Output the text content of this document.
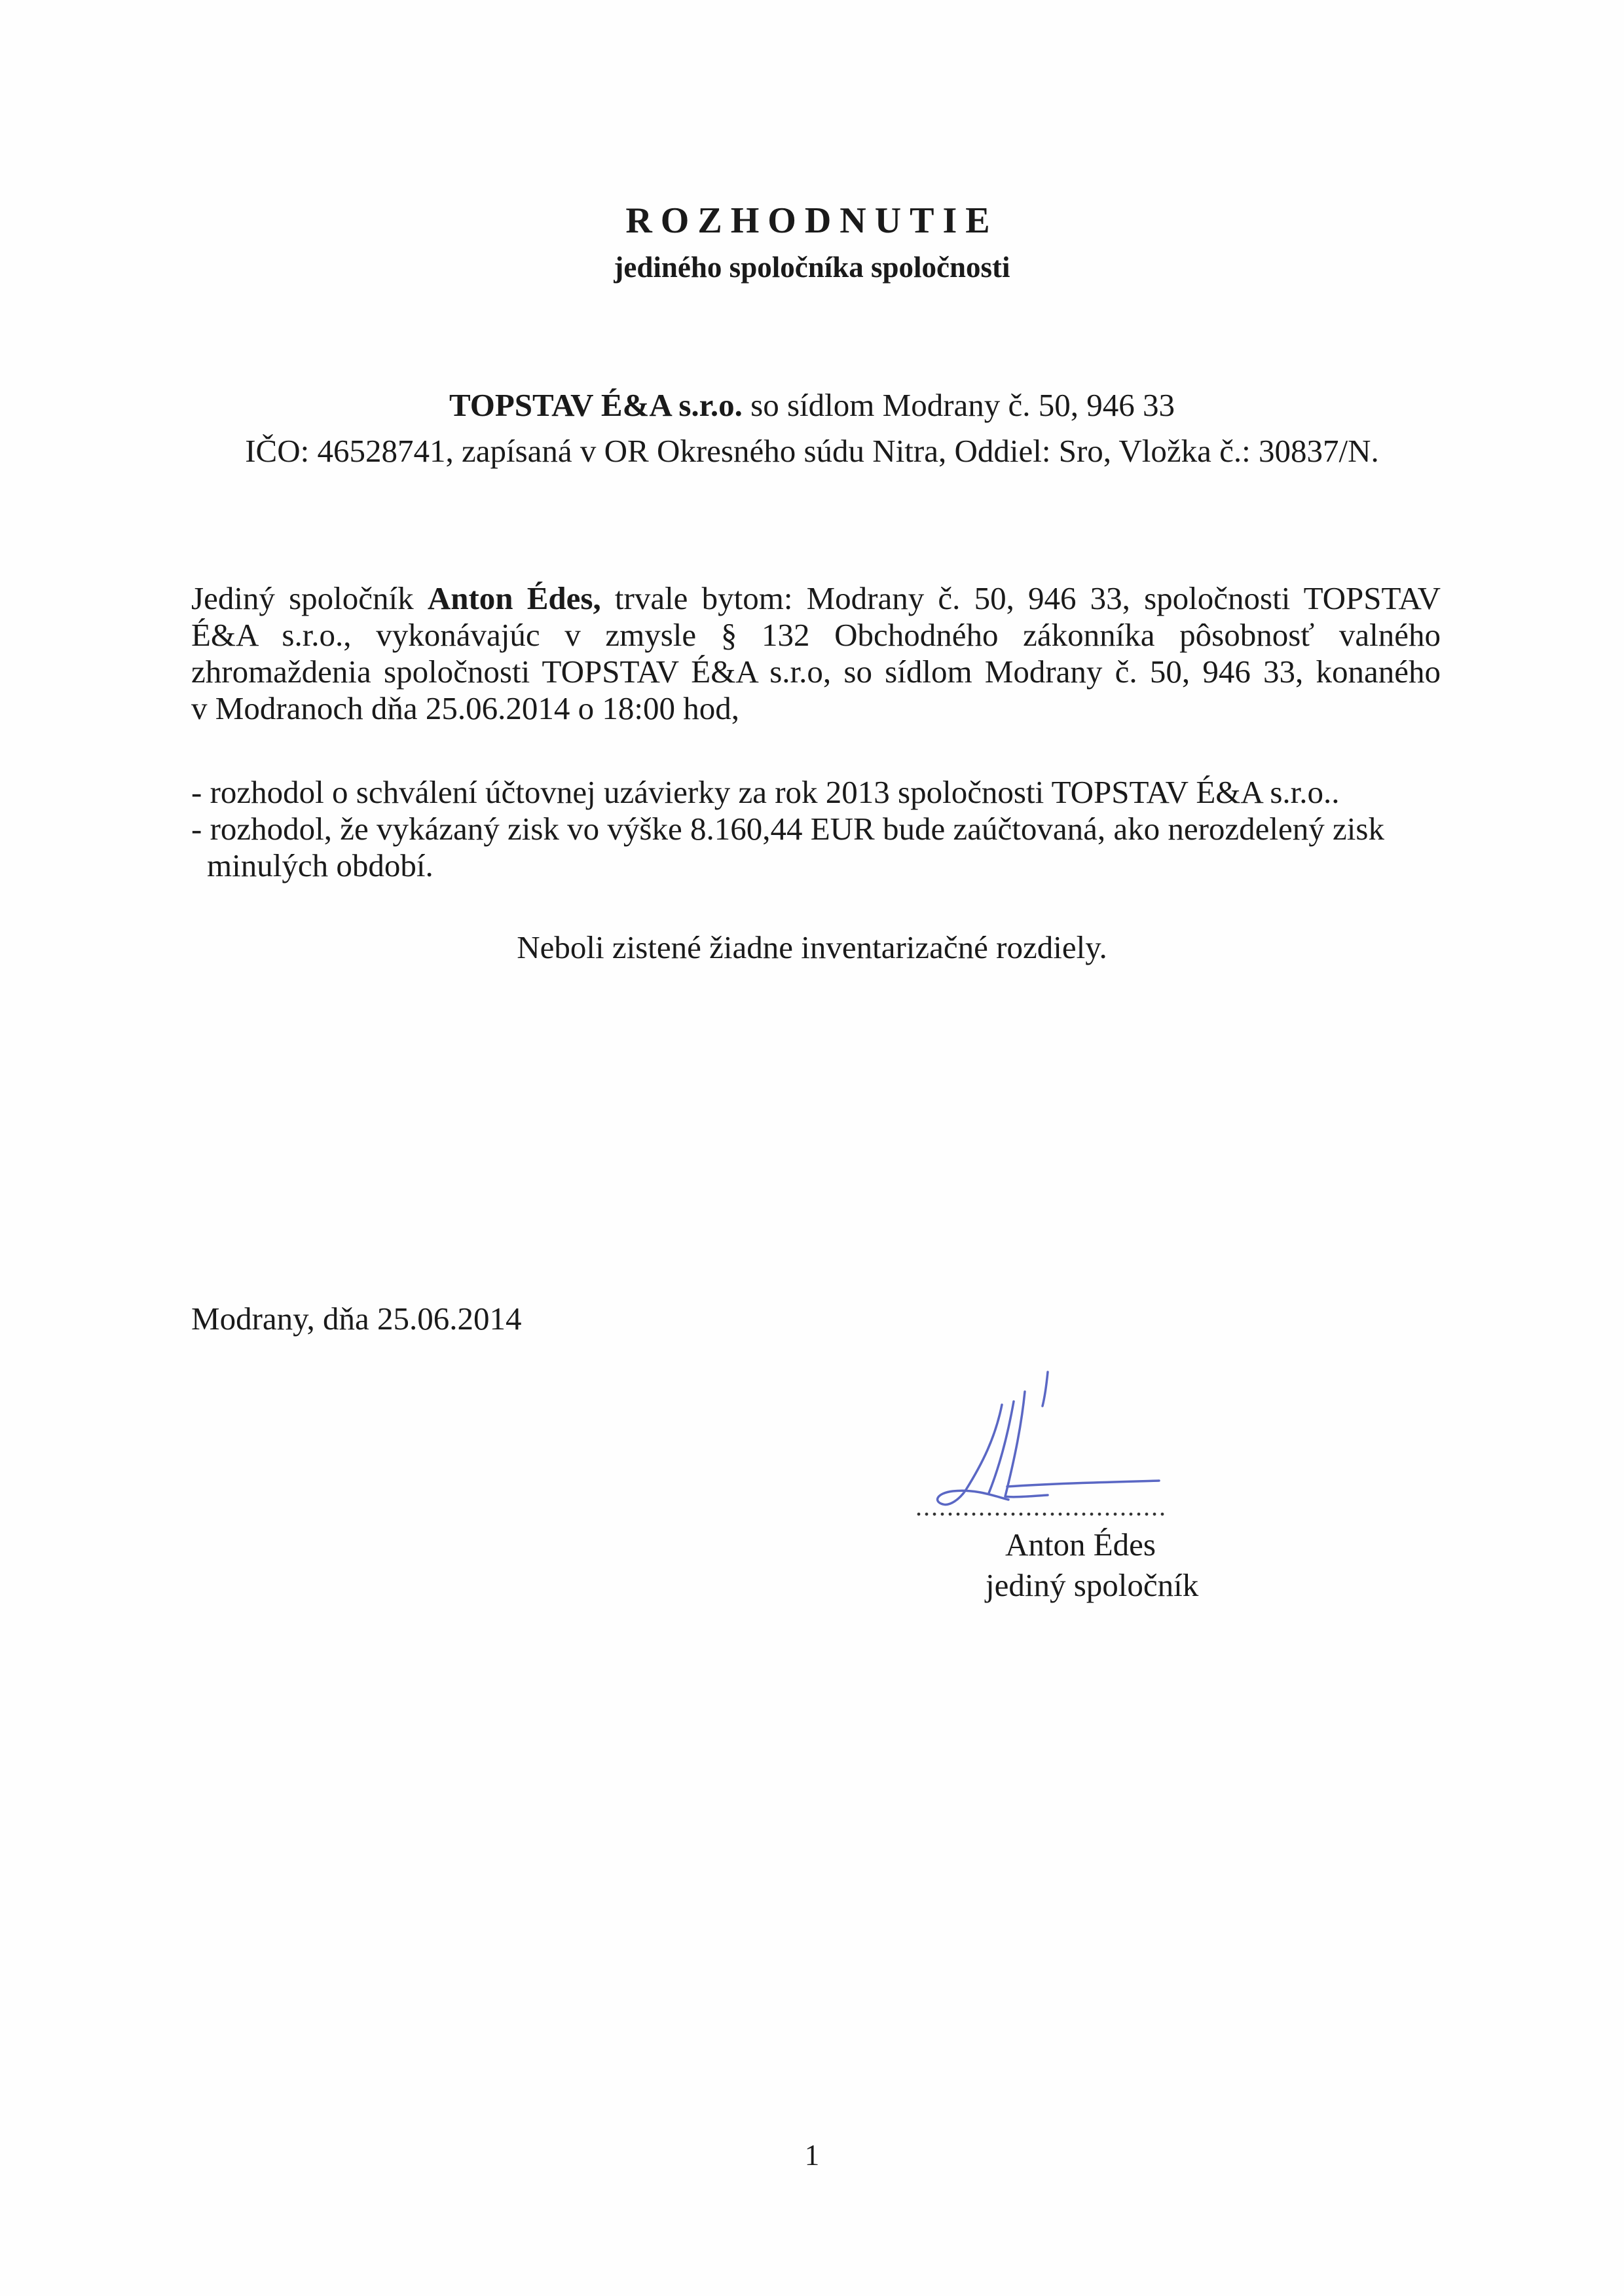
ROZHODNUTIE
jediného spoločníka spoločnosti

TOPSTAV É&A s.r.o. so sídlom Modrany č. 50, 946 33

IČO: 46528741, zapísaná v OR Okresného súdu Nitra, Oddiel: Sro, Vložka č.: 30837/N.

Jediný spoločník Anton Édes, trvale bytom: Modrany č. 50, 946 33, spoločnosti TOPSTAV
É&A s.r.o., vykonávajúc v zmysle § 132 Obchodného zákonníka pôsobnosť valného
zhromaždenia spoločnosti TOPSTAV É&A s.r.o, so sídlom Modrany č. 50, 946 33, konaného
v Modranoch dňa 25.06.2014 o 18:00 hod,
- rozhodol o schválení účtovnej uzávierky za rok 2013 spoločnosti TOPSTAV É&A s.r.o..
- rozhodol, že vykázaný zisk vo výške 8.160,44 EUR bude zaúčtovaná, ako nerozdelený zisk
minulých období.

Neboli zistené žiadne inventarizačné rozdiely.

Modrany, dňa 25.06.2014

................................

Anton Édes

jediný spoločník

1
